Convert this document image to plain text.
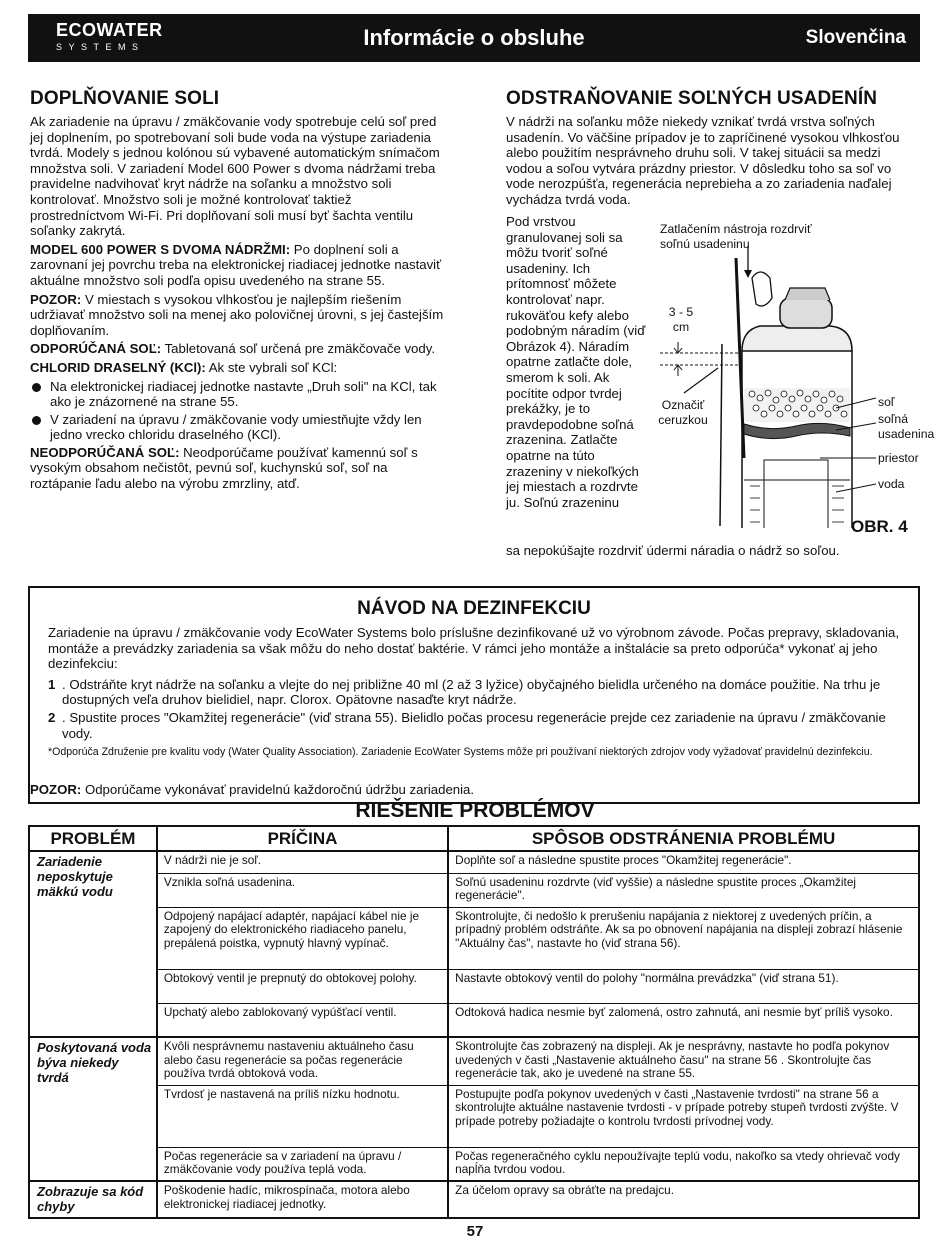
ECOWATER
SYSTEMS	Informácie o obsluhe	Slovenčina
DOPLŇOVANIE SOLI

Ak zariadenie na úpravu / zmäkčovanie vody spotrebuje celú soľ pred jej doplnením, po spotrebovaní soli bude voda na výstupe zariadenia tvrdá. Modely s jednou kolónou sú vybavené automatickým snímačom množstva soli. V zariadení Model 600 Power s dvoma nádržami treba pravidelne nadvihovať kryt nádrže na soľanku a množstvo soli kontrolovať. Množstvo soli je možné kontrolovať taktiež prostredníctvom Wi-Fi. Pri doplňovaní soli musí byť šachta ventilu soľanky zakrytá.

MODEL 600 POWER S DVOMA NÁDRŽMI: Po doplnení soli a zarovnaní jej povrchu treba na elektronickej riadiacej jednotke nastaviť aktuálne množstvo soli podľa opisu uvedeného na strane 55.

POZOR: V miestach s vysokou vlhkosťou je najlepším riešením udržiavať množstvo soli na menej ako polovičnej úrovni, s jej častejším doplňovaním.

ODPORÚČANÁ SOĽ: Tabletovaná soľ určená pre zmäkčovače vody.

CHLORID DRASELNÝ (KCl): Ak ste vybrali soľ KCl:

Na elektronickej riadiacej jednotke nastavte „Druh soli" na KCl, tak ako je znázornené na strane 55.
V zariadení na úpravu / zmäkčovanie vody umiestňujte vždy len jedno vrecko chloridu draselného (KCl).

NEODPORÚČANÁ SOĽ: Neodporúčame používať kamennú soľ s vysokým obsahom nečistôt, pevnú soľ, kuchynskú soľ, soľ na roztápanie ľadu alebo na výrobu zmrzliny, atď.

ODSTRAŇOVANIE SOĽNÝCH USADENÍN
V nádrži na soľanku môže niekedy vznikať tvrdá vrstva soľných usadenín. Vo väčšine prípadov je to zapríčinené vysokou vlhkosťou alebo použitím nesprávneho druhu soli. V takej situácii sa medzi vodou a soľou vytvára prázdny priestor. V dôsledku toho sa soľ vo vode nerozpúšťa, regenerácia neprebieha a zo zariadenia naďalej vychádza tvrdá voda.
Pod vrstvou granulovanej soli sa môžu tvoriť soľné usadeniny. Ich prítomnosť môžete kontrolovať napr. rukoväťou kefy alebo podobným náradím (viď Obrázok 4). Náradím opatrne zatlačte dole, smerom k soli. Ak pocítite odpor tvrdej prekážky, je to pravdepodobne soľná zrazenina. Zatlačte opatrne na túto zrazeniny v niekoľkých jej miestach a rozdrvte ju. Soľnú zrazeninu
sa nepokúšajte rozdrviť údermi náradia o nádrž so soľou.
Zatlačením nástroja rozdrviť soľnú usadeninu
3 - 5 cm
Označiť ceruzkou
soľ
soľná usadenina
priestor
voda
OBR. 4
NÁVOD NA DEZINFEKCIU

Zariadenie na úpravu / zmäkčovanie vody EcoWater Systems bolo príslušne dezinfikované už vo výrobnom závode. Počas prepravy, skladovania, montáže a prevádzky zariadenia sa však môžu do neho dostať baktérie. V rámci jeho montáže a inštalácie sa preto odporúča* vykonať aj jeho dezinfekciu:

1 . Odstráňte kryt nádrže na soľanku a vlejte do nej približne 40 ml (2 až 3 lyžice) obyčajného bielidla určeného na domáce použitie. Na trhu je dostupných veľa druhov bielidiel, napr. Clorox. Opätovne nasaďte kryt nádrže.
2 . Spustite proces "Okamžitej regenerácie" (viď strana 55). Bielidlo počas procesu regenerácie prejde cez zariadenie na úpravu / zmäkčovanie vody.
*Odporúča Združenie pre kvalitu vody (Water Quality Association). Zariadenie EcoWater Systems môže pri používaní niektorých zdrojov vody vyžadovať pravidelnú dezinfekciu.
POZOR: Odporúčame vykonávať pravidelnú každoročnú údržbu zariadenia.
RIEŠENIE PROBLÉMOV
PROBLÉM	PRÍČINA	SPÔSOB ODSTRÁNENIA PROBLÉMU
Zariadenie neposkytuje mäkkú vodu	V nádrži nie je soľ.	Doplňte soľ a následne spustite proces "Okamžitej regenerácie".
	Vznikla soľná usadenina.	Soľnú usadeninu rozdrvte (viď vyššie) a následne spustite proces „Okamžitej regenerácie".
	Odpojený napájací adaptér, napájací kábel nie je zapojený do elektronického riadiaceho panelu, prepálená poistka, vypnutý hlavný vypínač.	Skontrolujte, či nedošlo k prerušeniu napájania z niektorej z uvedených príčin, a prípadný problém odstráňte. Ak sa po obnovení napájania na displeji zobrazí hlásenie "Aktuálny čas", nastavte ho (viď strana 56).
	Obtokový ventil je prepnutý do obtokovej polohy.	Nastavte obtokový ventil do polohy "normálna prevádzka" (viď strana 51).
	Upchatý alebo zablokovaný vypúšťací ventil.	Odtoková hadica nesmie byť zalomená, ostro zahnutá, ani nesmie byť príliš vysoko.
Poskytovaná voda býva niekedy tvrdá	Kvôli nesprávnemu nastaveniu aktuálneho času alebo času regenerácie sa počas regenerácie používa tvrdá obtoková voda.	Skontrolujte čas zobrazený na displeji. Ak je nesprávny, nastavte ho podľa pokynov uvedených v časti „Nastavenie aktuálneho času" na strane 56 . Skontrolujte čas regenerácie tak, ako je uvedené na strane 55.
	Tvrdosť je nastavená na príliš nízku hodnotu.	Postupujte podľa pokynov uvedených v časti „Nastavenie tvrdosti" na strane 56 a skontrolujte aktuálne nastavenie tvrdosti - v prípade potreby stupeň tvrdosti zvýšte. V prípade potreby požiadajte o kontrolu tvrdosti prívodnej vody.
	Počas regenerácie sa v zariadení na úpravu / zmäkčovanie vody používa teplá voda.	Počas regeneračného cyklu nepoužívajte teplú vodu, nakoľko sa vtedy ohrievač vody napĺňa tvrdou vodou.
Zobrazuje sa kód chyby	Poškodenie hadíc, mikrospínača, motora alebo elektronickej riadiacej jednotky.	Za účelom opravy sa obráťte na predajcu.
57
